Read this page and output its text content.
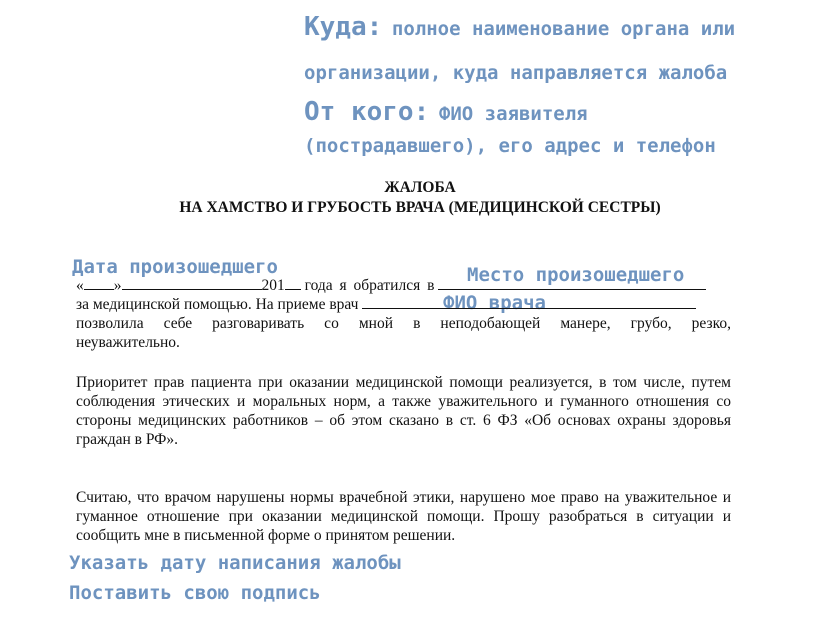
Куда: полное наименование органа или
организации, куда направляется жалоба
От кого: ФИО заявителя
(пострадавшего), его адрес и телефон
ЖАЛОБА
НА ХАМСТВО И ГРУБОСТЬ ВРАЧА (МЕДИЦИНСКОЙ СЕСТРЫ)
Дата произошедшего	Место произошедшего
ФИО врача
« »	201 года я обратился в
за медицинской помощью. На приеме врач
позволила себе разговаривать со мной в неподобающей манере, грубо, резко,
неуважительно.
Приоритет прав пациента при оказании медицинской помощи реализуется, в том числе, путем соблюдения этических и моральных норм, а также уважительного и гуманного отношения со стороны медицинских работников – об этом сказано в ст. 6 ФЗ «Об основах охраны здоровья граждан в РФ».
Считаю, что врачом нарушены нормы врачебной этики, нарушено мое право на уважительное и гуманное отношение при оказании медицинской помощи. Прошу разобраться в ситуации и сообщить мне в письменной форме о принятом решении.
Указать дату написания жалобы
Поставить свою подпись
